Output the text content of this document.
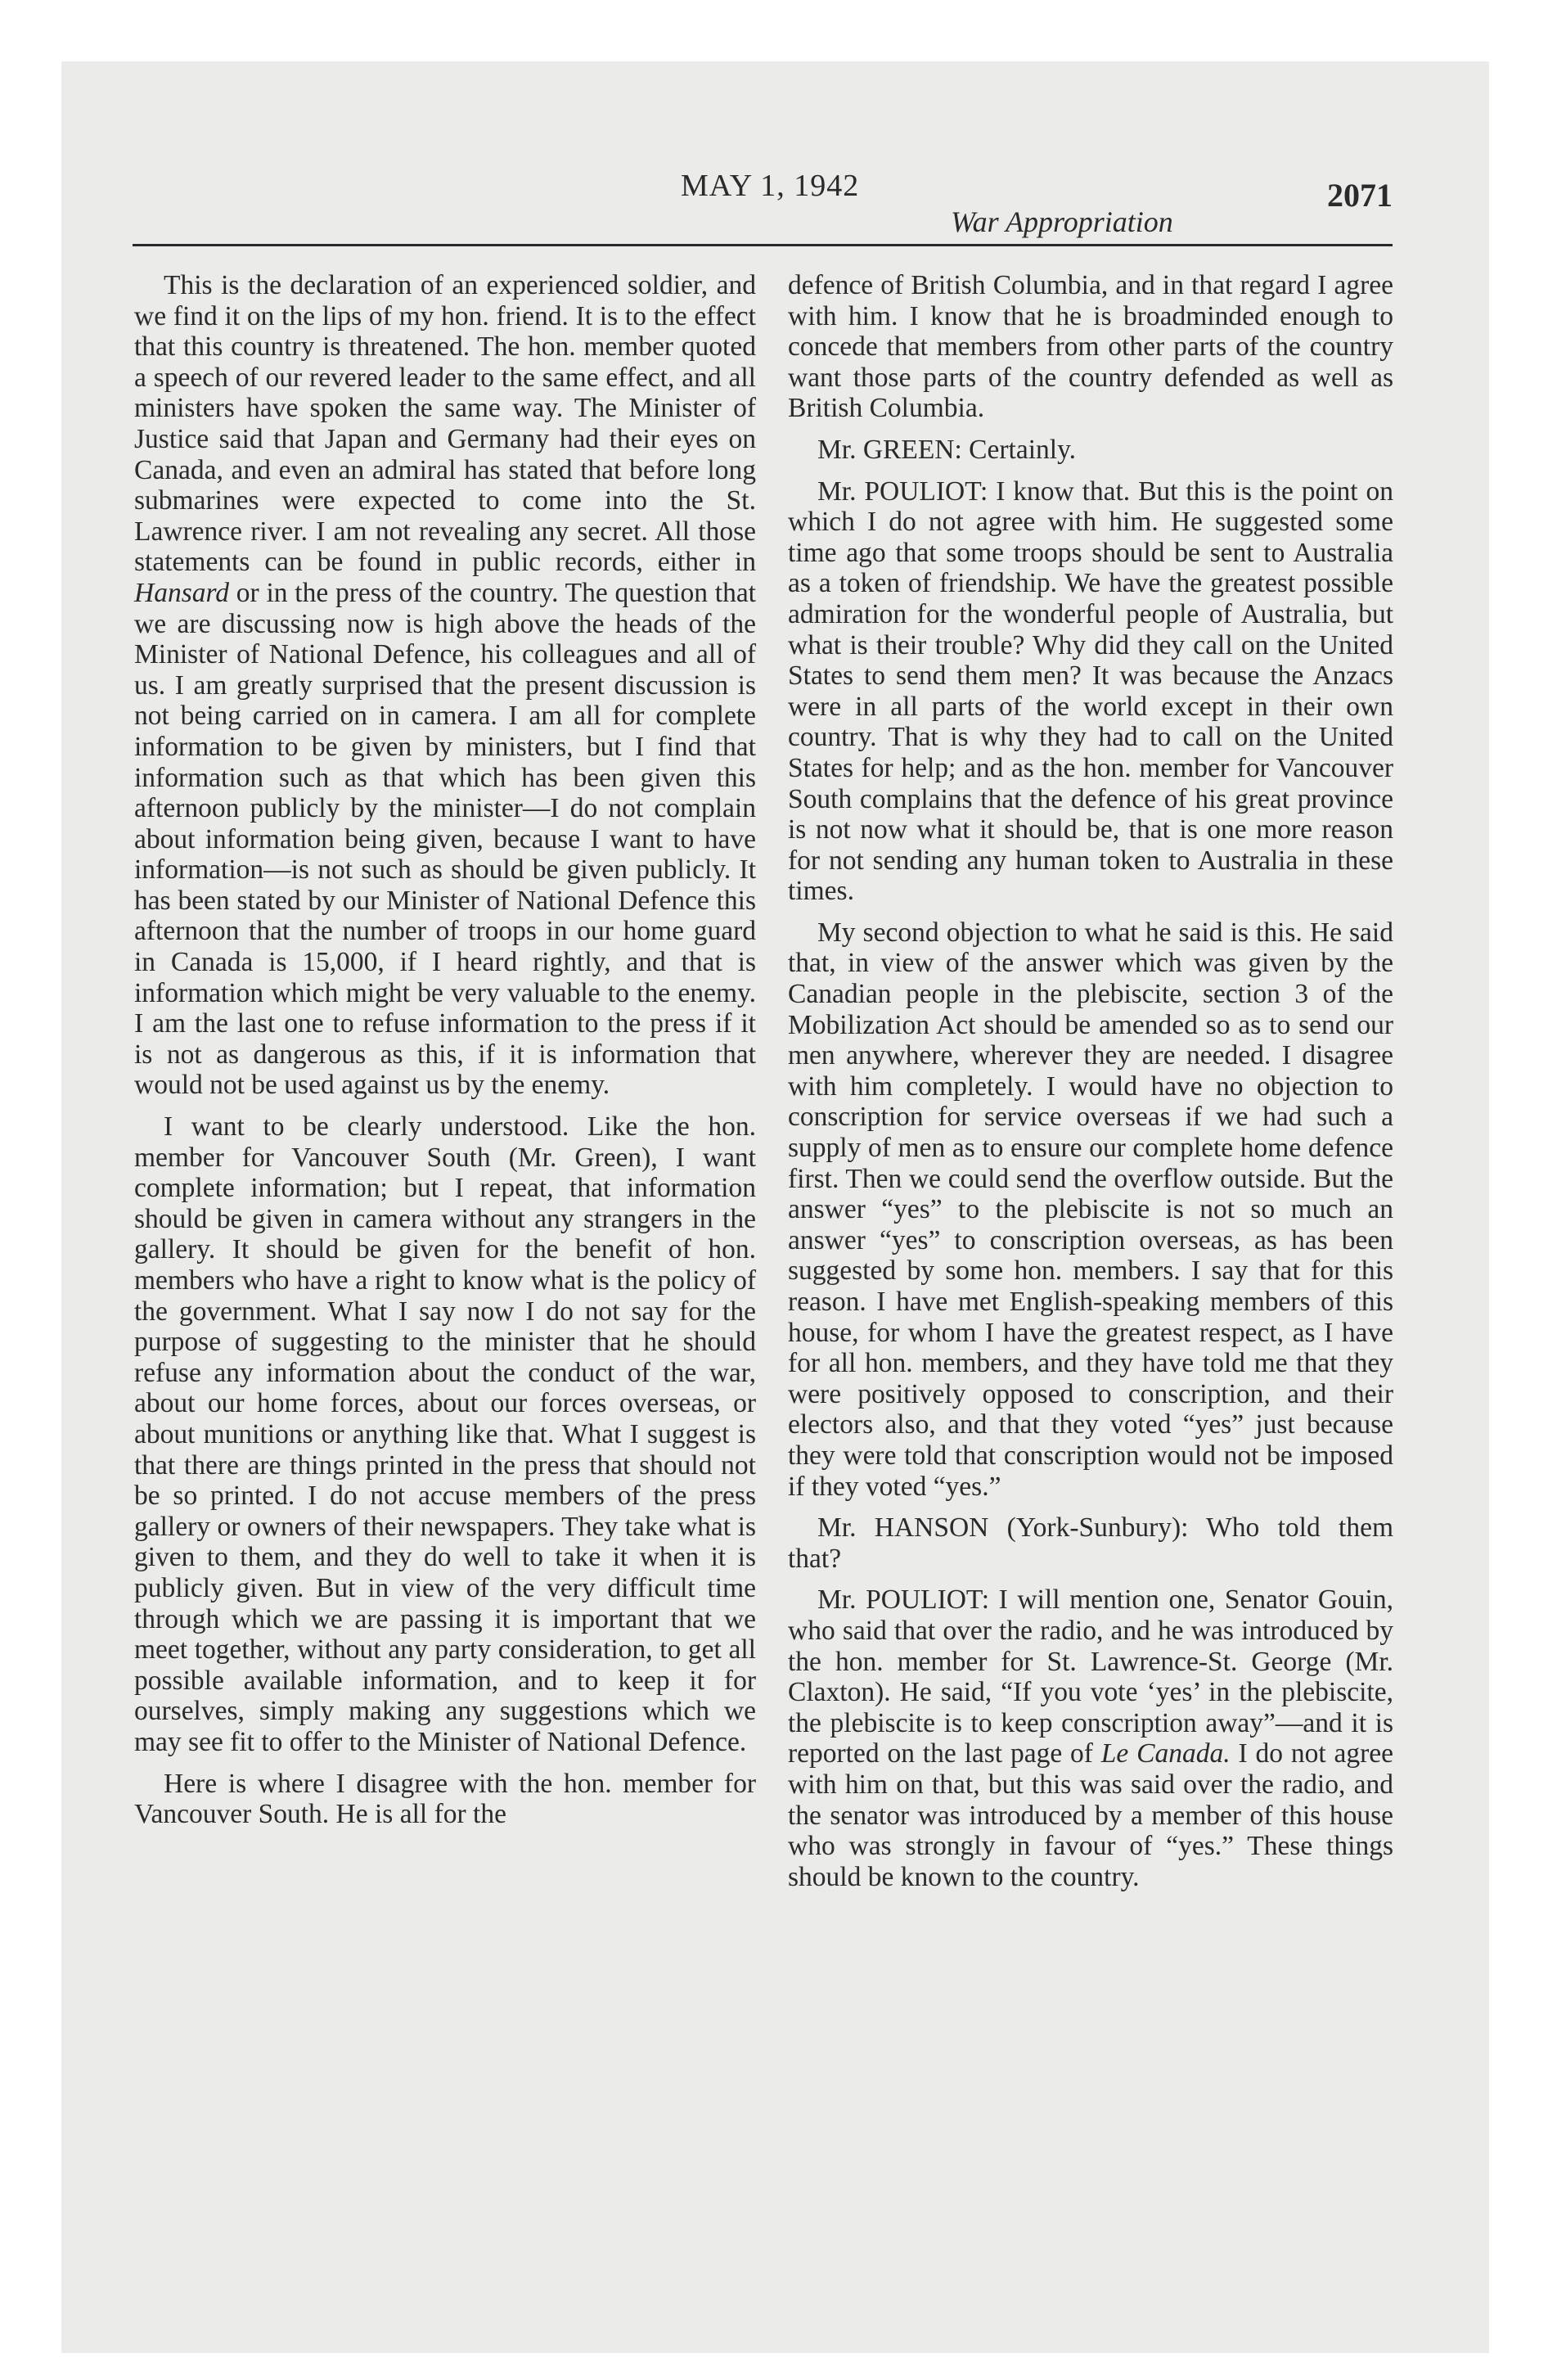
MAY 1, 1942
War Appropriation
2071

This is the declaration of an experienced soldier, and we find it on the lips of my hon. friend. It is to the effect that this country is threatened. The hon. member quoted a speech of our revered leader to the same effect, and all ministers have spoken the same way. The Minister of Justice said that Japan and Germany had their eyes on Canada, and even an admiral has stated that before long submarines were expected to come into the St. Lawrence river. I am not revealing any secret. All those statements can be found in public records, either in Hansard or in the press of the country. The question that we are discussing now is high above the heads of the Minister of National Defence, his colleagues and all of us. I am greatly surprised that the present discussion is not being carried on in camera. I am all for complete information to be given by ministers, but I find that information such as that which has been given this afternoon publicly by the minister—I do not complain about information being given, because I want to have information—is not such as should be given publicly. It has been stated by our Minister of National Defence this afternoon that the number of troops in our home guard in Canada is 15,000, if I heard rightly, and that is information which might be very valuable to the enemy. I am the last one to refuse information to the press if it is not as dangerous as this, if it is information that would not be used against us by the enemy.

I want to be clearly understood. Like the hon. member for Vancouver South (Mr. Green), I want complete information; but I repeat, that information should be given in camera without any strangers in the gallery. It should be given for the benefit of hon. members who have a right to know what is the policy of the government. What I say now I do not say for the purpose of suggesting to the minister that he should refuse any information about the conduct of the war, about our home forces, about our forces overseas, or about munitions or anything like that. What I suggest is that there are things printed in the press that should not be so printed. I do not accuse members of the press gallery or owners of their newspapers. They take what is given to them, and they do well to take it when it is publicly given. But in view of the very difficult time through which we are passing it is important that we meet together, without any party consideration, to get all possible available information, and to keep it for ourselves, simply making any suggestions which we may see fit to offer to the Minister of National Defence.

Here is where I disagree with the hon. member for Vancouver South. He is all for the

defence of British Columbia, and in that regard I agree with him. I know that he is broadminded enough to concede that members from other parts of the country want those parts of the country defended as well as British Columbia.

Mr. GREEN: Certainly.

Mr. POULIOT: I know that. But this is the point on which I do not agree with him. He suggested some time ago that some troops should be sent to Australia as a token of friendship. We have the greatest possible admiration for the wonderful people of Australia, but what is their trouble? Why did they call on the United States to send them men? It was because the Anzacs were in all parts of the world except in their own country. That is why they had to call on the United States for help; and as the hon. member for Vancouver South complains that the defence of his great province is not now what it should be, that is one more reason for not sending any human token to Australia in these times.

My second objection to what he said is this. He said that, in view of the answer which was given by the Canadian people in the plebiscite, section 3 of the Mobilization Act should be amended so as to send our men anywhere, wherever they are needed. I disagree with him completely. I would have no objection to conscription for service overseas if we had such a supply of men as to ensure our complete home defence first. Then we could send the overflow outside. But the answer “yes” to the plebiscite is not so much an answer “yes” to conscription overseas, as has been suggested by some hon. members. I say that for this reason. I have met English-speaking members of this house, for whom I have the greatest respect, as I have for all hon. members, and they have told me that they were positively opposed to conscription, and their electors also, and that they voted “yes” just because they were told that conscription would not be imposed if they voted “yes.”

Mr. HANSON (York-Sunbury): Who told them that?

Mr. POULIOT: I will mention one, Senator Gouin, who said that over the radio, and he was introduced by the hon. member for St. Lawrence-St. George (Mr. Claxton). He said, “If you vote ‘yes’ in the plebiscite, the plebiscite is to keep conscription away”—and it is reported on the last page of Le Canada. I do not agree with him on that, but this was said over the radio, and the senator was introduced by a member of this house who was strongly in favour of “yes.” These things should be known to the country.
